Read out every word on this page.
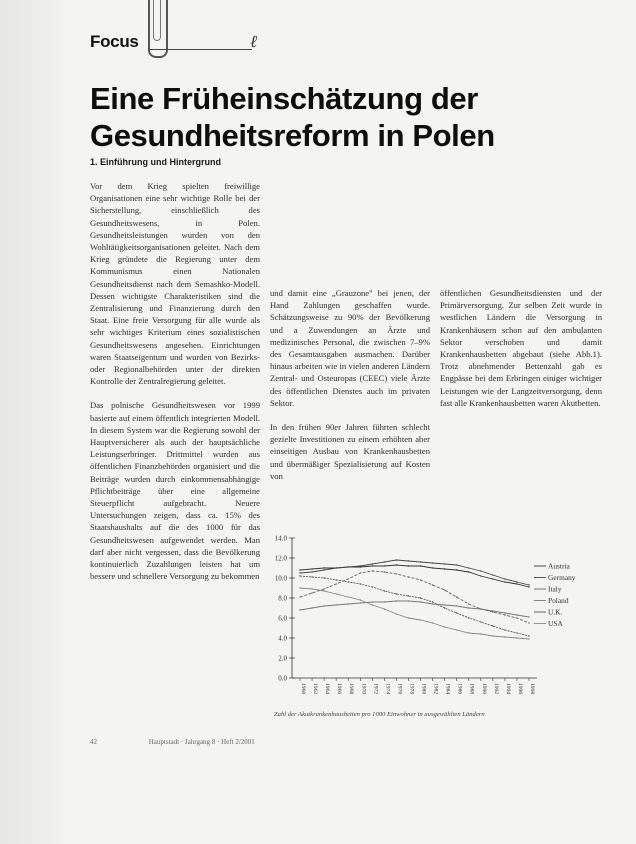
Focus	ℓ
Eine Früheinschätzung der Gesundheitsreform in Polen
1. Einführung und Hintergrund

Vor dem Krieg spielten freiwillige Organisationen eine sehr wichtige Rolle bei der Sicherstellung, einschließlich des Gesundheitswesens, in Polen. Gesundheitsleistungen wurden von den Wohltätigkeitsorganisationen geleitet. Nach dem Krieg gründete die Regierung unter dem Kommunismus einen Nationalen Gesundheitsdienst nach dem Semashko-Modell. Dessen wichtigste Charakteristiken sind die Zentralisierung und Finanzierung durch den Staat. Eine freie Versorgung für alle wurde als sehr wichtiges Kriterium eines sozialistischen Gesundheitswesens angesehen. Einrichtungen waren Staatseigentum und wurden von Bezirks- oder Regionalbehörden unter der direkten Kontrolle der Zentralregierung geleitet.

Das polnische Gesundheitswesen vor 1999 basierte auf einem öffentlich integrierten Modell. In diesem System war die Regierung sowohl der Hauptversicherer als auch der hauptsächliche Leistungserbringer. Drittmittel wurden aus öffentlichen Finanzbehörden organisiert und die Beiträge wurden durch einkommensabhängige Pflichtbeiträge über eine allgemeine Steuerpflicht aufgebracht. Neuere Untersuchungen zeigen, dass ca. 15% des Staatshaushalts auf die des 1000 für das Gesundheitswesen aufgewendet werden. Man darf aber nicht vergessen, dass die Bevölkerung kontinuierlich Zuzahlungen leisten hat um bessere und schnellere Versorgung zu bekommen

und damit eine „Grauzone" bei jenen, der Hand Zahlungen geschaffen wurde. Schätzungsweise zu 90% der Bevölkerung und a Zuwendungen an Ärzte und medizinisches Personal, die zwischen 7–9% des Gesamtausgaben ausmachen. Darüber hinaus arbeiten wie in vielen anderen Ländern Zentral- und Osteuropas (CEEC) viele Ärzte des öffentlichen Dienstes auch im privaten Sektor.

In den frühen 90er Jahren führten schlecht gezielte Investitionen zu einem erhöhten aber einseitigen Ausbau von Krankenhausbetten und übermäßiger Spezialisierung auf Kosten von

öffentlichen Gesundheitsdiensten und der Primärversorgung. Zur selben Zeit wurde in westlichen Ländern die Versorgung in Krankenhäusern schon auf den ambulanten Sektor verschoben und damit Krankenhausbetten abgebaut (siehe Abb.1). Trotz abnehmender Bettenzahl gab es Engpässe bei dem Erbringen einiger wichtiger Leistungen wie der Langzeitversorgung, denn fast alle Krankenhausbetten waren Akutbetten.

0.0
2.0
4.0
6.0
8.0
10.0
12.0
14.0
1960 1962 1964 1966 1968 1970 1972 1974 1976 1978 1980 1982 1984 1986 1988 1990 1992 1994 1996 1998
Austria
Germany
Italy
Poland
U.K.
USA
Zahl der Akutkrankenhausbetten pro 1000 Einwohner in ausgewählten Ländern
42	Hauptstadt · Jahrgang 8 · Heft 2/2001
